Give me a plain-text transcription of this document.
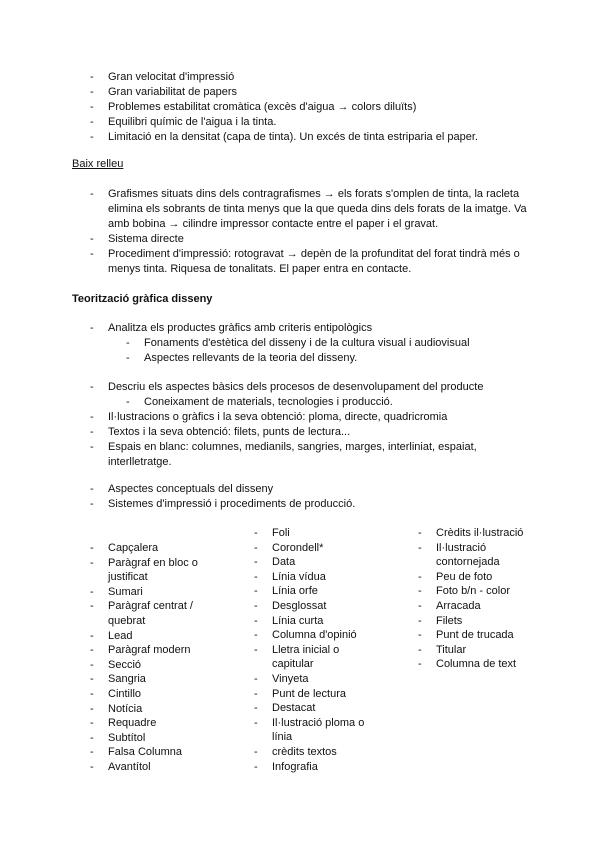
- Gran velocitat d'impressió
- Gran variabilitat de papers
- Problemes estabilitat cromàtica (excès d'aigua → colors diluïts)
- Equilibri químic de l'aigua i la tinta.
- Limitació en la densitat (capa de tinta). Un excés de tinta estriparia el paper.
Baix relleu
- Grafismes situats dins dels contragrafismes → els forats s'omplen de tinta, la racleta elimina els sobrants de tinta menys que la que queda dins dels forats de la imatge. Va amb bobina → cilindre impressor contacte entre el paper i el gravat.
- Sistema directe
- Procediment d'impressió: rotogravat → depèn de la profunditat del forat tindrà més o menys tinta. Riquesa de tonalitats. El paper entra en contacte.
Teorització gràfica disseny
- Analitza els productes gràfics amb criteris entipològics
- Fonaments d'estètica del disseny i de la cultura visual i audiovisual
- Aspectes rellevants de la teoria del disseny.
- Descriu els aspectes bàsics dels procesos de desenvolupament del producte
- Coneixament de materials, tecnologies i producció.
- Il·lustracions o gràfics i la seva obtenció: ploma, directe, quadricromia
- Textos i la seva obtenció: filets, punts de lectura...
- Espais en blanc: columnes, medianils, sangries, marges, interliniat, espaiat, interlletratge.
- Aspectes conceptuals del disseny
- Sistemes d'impressió i procediments de producció.
- Capçalera
- Paràgraf en bloc o justificat
- Sumari
- Paràgraf centrat / quebrat
- Lead
- Paràgraf modern
- Secció
- Sangria
- Cintillo
- Notícia
- Requadre
- Subtítol
- Falsa Columna
- Avantítol
- Foli
- Corondell*
- Data
- Línia vídua
- Línia orfe
- Desglossat
- Línia curta
- Columna d'opinió
- Lletra inicial o capitular
- Vinyeta
- Punt de lectura
- Destacat
- Il·lustració ploma o línia
- crèdits textos
- Infografia
- Crèdits il·lustració
- Il·lustració contornejada
- Peu de foto
- Foto b/n - color
- Arracada
- Filets
- Punt de trucada
- Titular
- Columna de text
